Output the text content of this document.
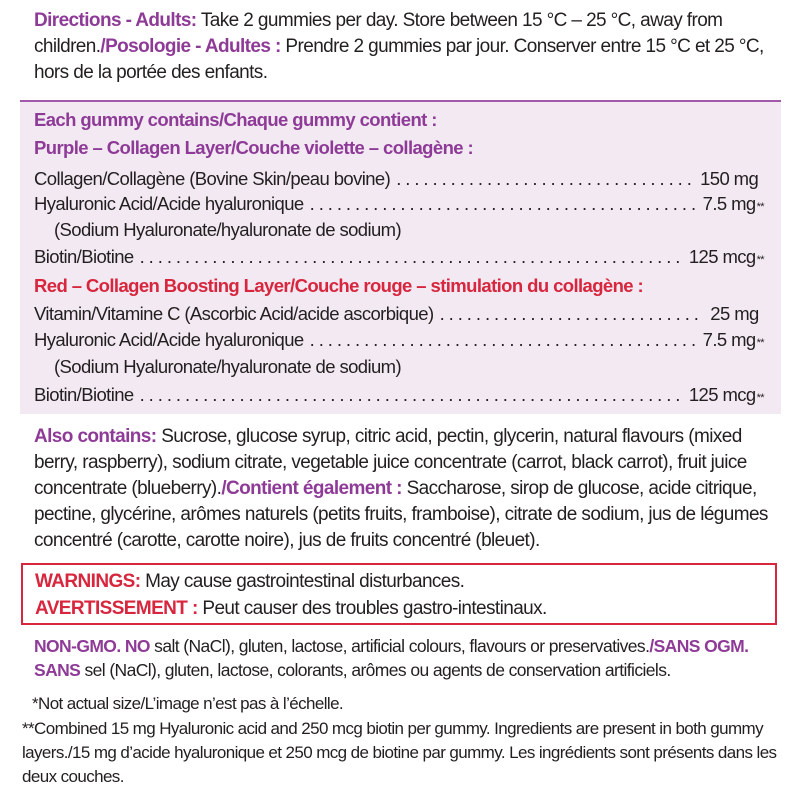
Directions - Adults: Take 2 gummies per day. Store between 15 °C – 25 °C, away from children./Posologie - Adultes : Prendre 2 gummies par jour. Conserver entre 15 °C et 25 °C, hors de la portée des enfants.
Each gummy contains/Chaque gummy contient :
Purple – Collagen Layer/Couche violette – collagène :
Collagen/Collagène (Bovine Skin/peau bovine) . . .	150 mg
Hyaluronic Acid/Acide hyaluronique . . .	7.5 mg **
(Sodium Hyaluronate/hyaluronate de sodium)
Biotin/Biotine . . .	125 mcg **
Red – Collagen Boosting Layer/Couche rouge – stimulation du collagène :
Vitamin/Vitamine C (Ascorbic Acid/acide ascorbique) . . .	25 mg
Hyaluronic Acid/Acide hyaluronique . . .	7.5 mg **
(Sodium Hyaluronate/hyaluronate de sodium)
Biotin/Biotine . . .	125 mcg **
Also contains: Sucrose, glucose syrup, citric acid, pectin, glycerin, natural flavours (mixed berry, raspberry), sodium citrate, vegetable juice concentrate (carrot, black carrot), fruit juice concentrate (blueberry)./Contient également : Saccharose, sirop de glucose, acide citrique, pectine, glycérine, arômes naturels (petits fruits, framboise), citrate de sodium, jus de légumes concentré (carotte, carotte noire), jus de fruits concentré (bleuet).
WARNINGS: May cause gastrointestinal disturbances.
AVERTISSEMENT : Peut causer des troubles gastro-intestinaux.
NON-GMO. NO salt (NaCl), gluten, lactose, artificial colours, flavours or preservatives./SANS OGM. SANS sel (NaCl), gluten, lactose, colorants, arômes ou agents de conservation artificiels.
*Not actual size/L’image n’est pas à l’échelle.
**Combined 15 mg Hyaluronic acid and 250 mcg biotin per gummy. Ingredients are present in both gummy layers./15 mg d’acide hyaluronique et 250 mcg de biotine par gummy. Les ingrédients sont présents dans les deux couches.
